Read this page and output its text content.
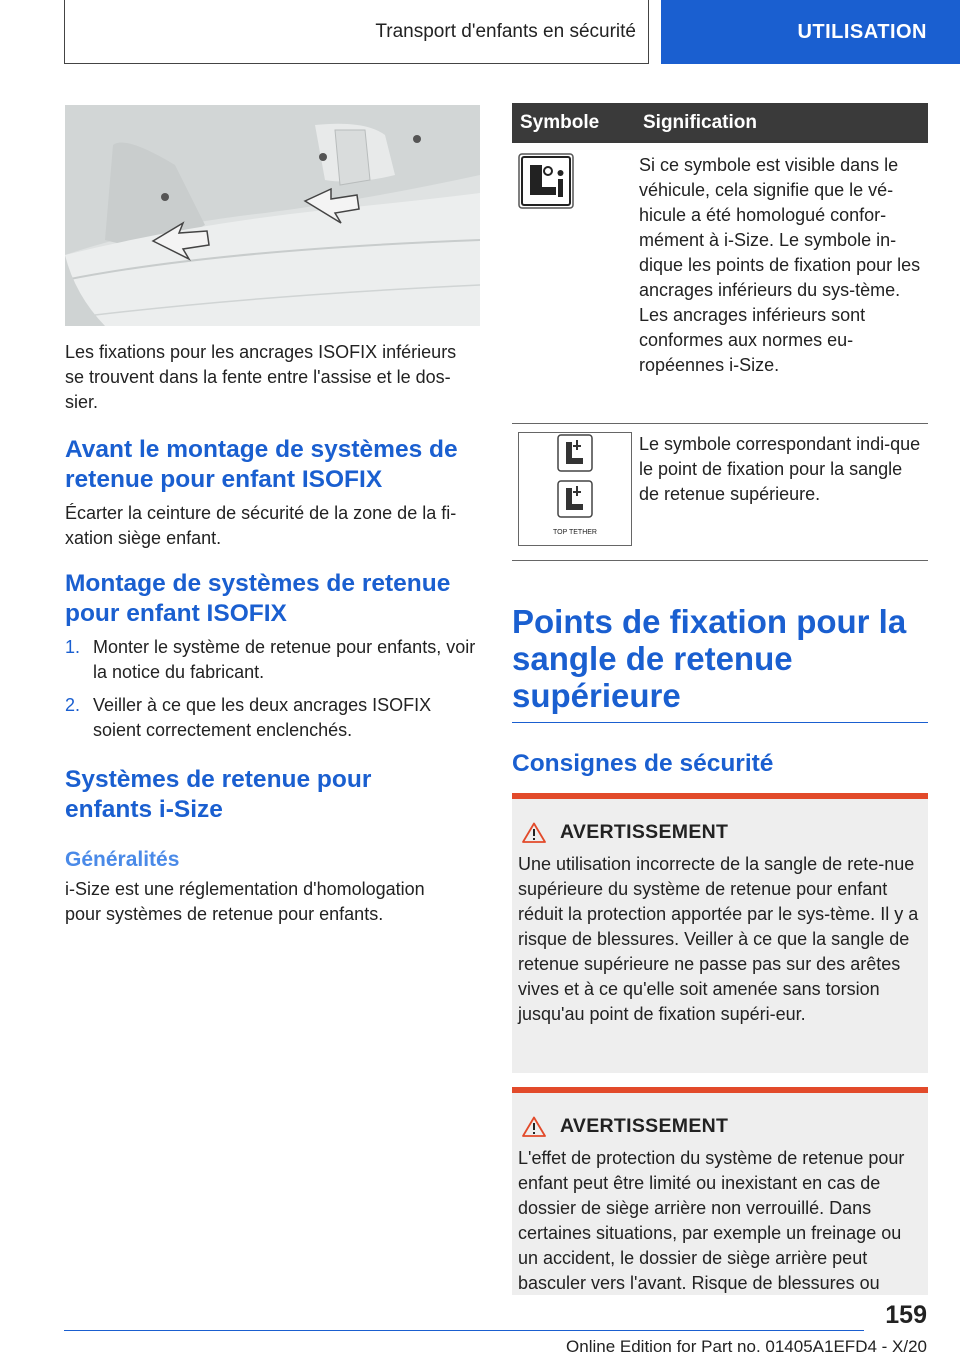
Transport d'enfants en sécurité	UTILISATION

Les fixations pour les ancrages ISOFIX inférieurs se trouvent dans la fente entre l'assise et le dos-sier.

Avant le montage de systèmes de retenue pour enfant ISOFIX

Écarter la ceinture de sécurité de la zone de la fi-xation siège enfant.

Montage de systèmes de retenue pour enfant ISOFIX
1. Monter le système de retenue pour enfants, voir la notice du fabricant.
2. Veiller à ce que les deux ancrages ISOFIX soient correctement enclenchés.
Systèmes de retenue pour enfants i-Size
Généralités

i-Size est une réglementation d'homologation pour systèmes de retenue pour enfants.

Symbole	Signification
	Si ce symbole est visible dans le véhicule, cela signifie que le vé-hicule a été homologué confor-mément à i-Size. Le symbole in-dique les points de fixation pour les ancrages inférieurs du sys-tème. Les ancrages inférieurs sont conformes aux normes eu-ropéennes i-Size.

TOP TETHER	Le symbole correspondant indi-que le point de fixation pour la sangle de retenue supérieure.
Points de fixation pour la sangle de retenue supérieure
Consignes de sécurité
AVERTISSEMENT

Une utilisation incorrecte de la sangle de rete-nue supérieure du système de retenue pour enfant réduit la protection apportée par le sys-tème. Il y a risque de blessures. Veiller à ce que la sangle de retenue supérieure ne passe pas sur des arêtes vives et à ce qu'elle soit amenée sans torsion jusqu'au point de fixation supéri-eur.

AVERTISSEMENT

L'effet de protection du système de retenue pour enfant peut être limité ou inexistant en cas de dossier de siège arrière non verrouillé. Dans certaines situations, par exemple un freinage ou un accident, le dossier de siège arrière peut basculer vers l'avant. Risque de blessures ou

159
Online Edition for Part no. 01405A1EFD4 - X/20
